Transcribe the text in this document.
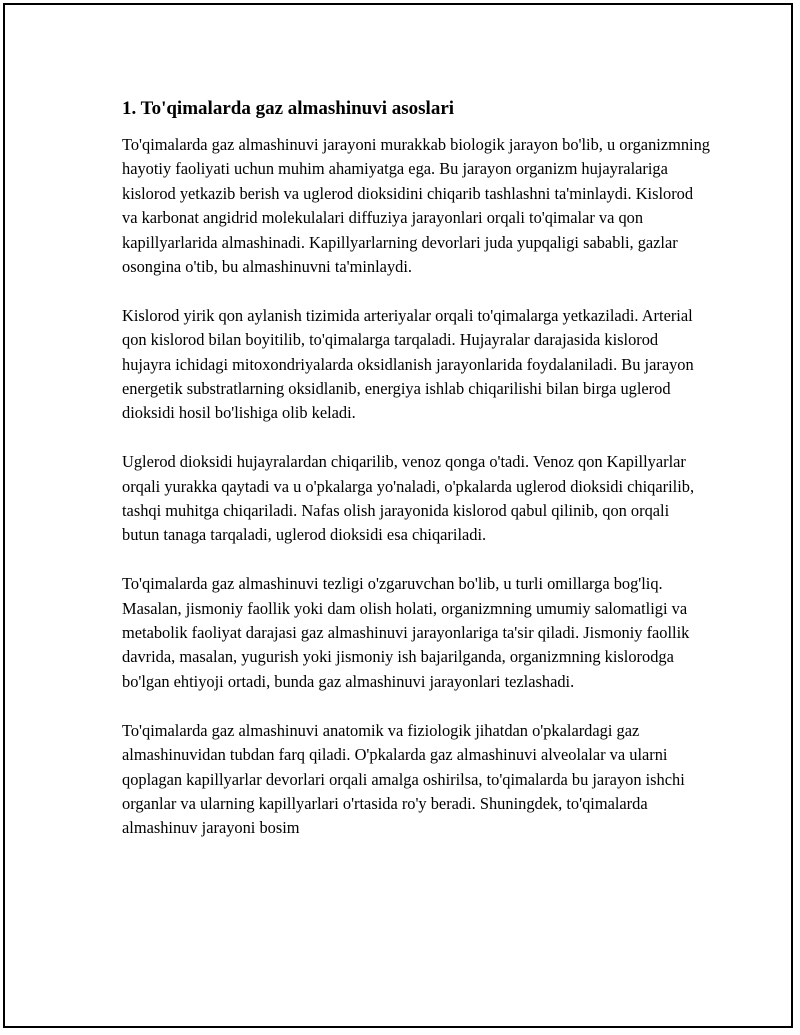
1. To'qimalarda gaz almashinuvi asoslari

To'qimalarda gaz almashinuvi jarayoni murakkab biologik jarayon bo'lib, u organizmning hayotiy faoliyati uchun muhim ahamiyatga ega. Bu jarayon organizm hujayralariga kislorod yetkazib berish va uglerod dioksidini chiqarib tashlashni ta'minlaydi. Kislorod va karbonat angidrid molekulalari diffuziya jarayonlari orqali to'qimalar va qon kapillyarlarida almashinadi. Kapillyarlarning devorlari juda yupqaligi sababli, gazlar osongina o'tib, bu almashinuvni ta'minlaydi.

Kislorod yirik qon aylanish tizimida arteriyalar orqali to'qimalarga yetkaziladi. Arterial qon kislorod bilan boyitilib, to'qimalarga tarqaladi. Hujayralar darajasida kislorod hujayra ichidagi mitoxondriyalarda oksidlanish jarayonlarida foydalaniladi. Bu jarayon energetik substratlarning oksidlanib, energiya ishlab chiqarilishi bilan birga uglerod dioksidi hosil bo'lishiga olib keladi.

Uglerod dioksidi hujayralardan chiqarilib, venoz qonga o'tadi. Venoz qon Kapillyarlar orqali yurakka qaytadi va u o'pkalarga yo'naladi, o'pkalarda uglerod dioksidi chiqarilib, tashqi muhitga chiqariladi. Nafas olish jarayonida kislorod qabul qilinib, qon orqali butun tanaga tarqaladi, uglerod dioksidi esa chiqariladi.

To'qimalarda gaz almashinuvi tezligi o'zgaruvchan bo'lib, u turli omillarga bog'liq. Masalan, jismoniy faollik yoki dam olish holati, organizmning umumiy salomatligi va metabolik faoliyat darajasi gaz almashinuvi jarayonlariga ta'sir qiladi. Jismoniy faollik davrida, masalan, yugurish yoki jismoniy ish bajarilganda, organizmning kislorodga bo'lgan ehtiyoji ortadi, bunda gaz almashinuvi jarayonlari tezlashadi.

To'qimalarda gaz almashinuvi anatomik va fiziologik jihatdan o'pkalardagi gaz almashinuvidan tubdan farq qiladi. O'pkalarda gaz almashinuvi alveolalar va ularni qoplagan kapillyarlar devorlari orqali amalga oshirilsa, to'qimalarda bu jarayon ishchi organlar va ularning kapillyarlari o'rtasida ro'y beradi. Shuningdek, to'qimalarda almashinuv jarayoni bosim
